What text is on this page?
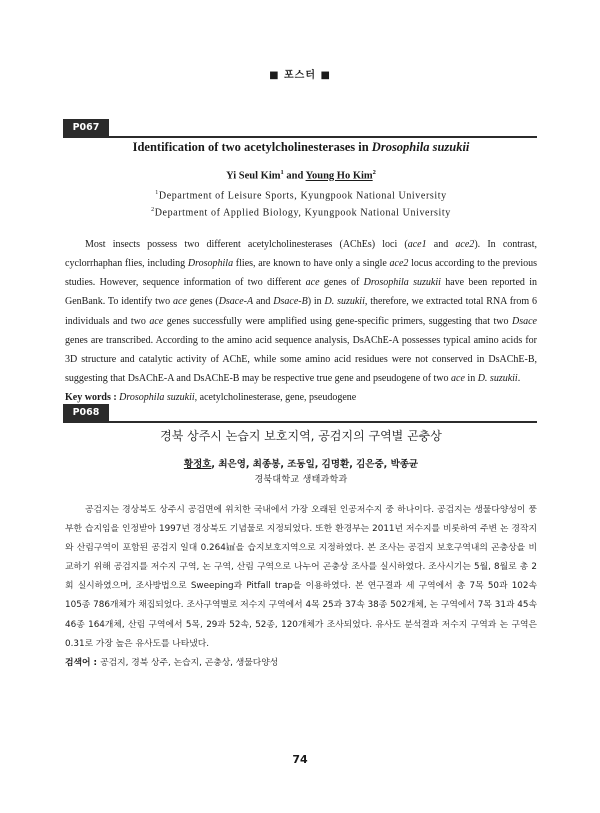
■ 포스터 ■
P067
Identification of two acetylcholinesterases in Drosophila suzukii
Yi Seul Kim$^1$ and Young Ho Kim$^2$
$^1$Department of Leisure Sports, Kyungpook National University
$^2$Department of Applied Biology, Kyungpook National University
Most insects possess two different acetylcholinesterases (AChEs) loci (ace1 and ace2). In contrast, cyclorrhaphan flies, including Drosophila flies, are known to have only a single ace2 locus according to the previous studies. However, sequence information of two different ace genes of Drosophila suzukii have been reported in GenBank. To identify two ace genes (Dsace-A and Dsace-B) in D. suzukii, therefore, we extracted total RNA from 6 individuals and two ace genes successfully were amplified using gene-specific primers, suggesting that two Dsace genes are transcribed. According to the amino acid sequence analysis, DsAChE-A possesses typical amino acids for 3D structure and catalytic activity of AChE, while some amino acid residues were not conserved in DsAChE-B, suggesting that DsAChE-A and DsAChE-B may be respective true gene and pseudogene of two ace in D. suzukii.
Key words : Drosophila suzukii, acetylcholinesterase, gene, pseudogene
P068
경북 상주시 논습지 보호지역, 공검지의 구역별 곤충상
황정호, 최은영, 최종봉, 조동일, 김명환, 김은중, 박종균
경북대학교 생태과학과
공검지는 경상북도 상주시 공검면에 위치한 국내에서 가장 오래된 인공저수지 중 하나이다. 공검지는 생물다양성이 풍부한 습지임을 인정받아 1997년 경상북도 기념물로 지정되었다. 또한 환경부는 2011년 저수지를 비롯하여 주변 논 경작지와 산림구역이 포함된 공검지 일대 0.264㎢을 습지보호지역으로 지정하였다. 본 조사는 공검지 보호구역내의 곤충상을 비교하기 위해 공검지를 저수지 구역, 논 구역, 산림 구역으로 나누어 곤충상 조사를 실시하였다. 조사시기는 5월, 8월로 총 2회 실시하였으며, 조사방법으로 Sweeping과 Pitfall trap을 이용하였다. 본 연구결과 세 구역에서 총 7목 50과 102속 105종 786개체가 채집되었다. 조사구역별로 저수지 구역에서 4목 25과 37속 38종 502개체, 논 구역에서 7목 31과 45속 46종 164개체, 산림 구역에서 5목, 29과 52속, 52종, 120개체가 조사되었다. 유사도 분석결과 저수지 구역과 논 구역은 0.31로 가장 높은 유사도를 나타냈다.
검색어 : 공검지, 경북 상주, 논습지, 곤충상, 생물다양성
74
